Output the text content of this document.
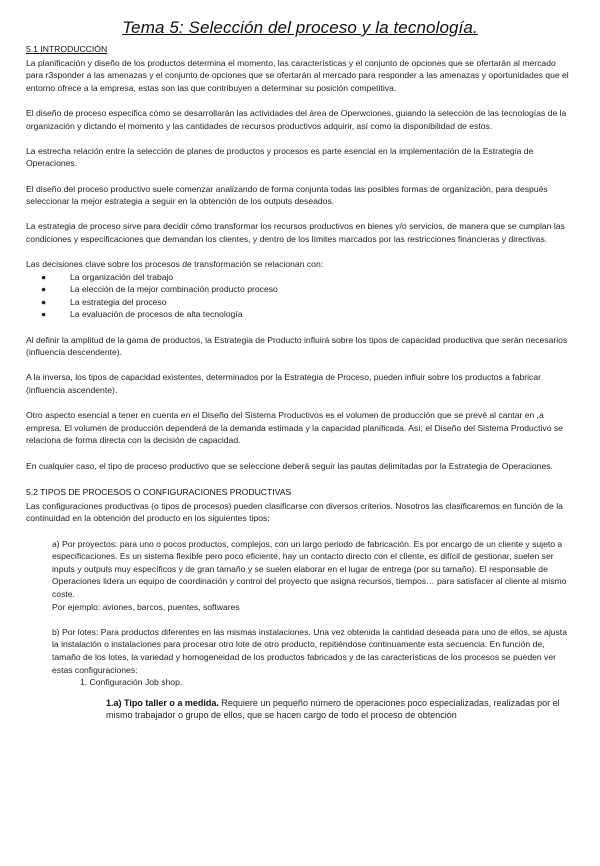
Tema 5: Selección del proceso y la tecnología.
5.1 INTRODUCCIÓN

La planificación y diseño de los productos determina el momento, las características y el conjunto de opciones que se ofertarán al mercado para r3sponder a las amenazas y el conjunto de opciones que se ofertarán al mercado para responder a las amenazas y oportunidades que el entorno ofrece a la empresa, estas son las que contribuyen a determinar su posición competitiva.

El diseño de proceso especifica cómo se desarrollarán las actividades del área de Operwciones, guiando la selección de las tecnologías de la organización y dictando el momento y las cantidades de recursos productivos adquirir, así como la disponibilidad de estos.

La estrecha relación entre la selección de planes de productos y procesos es parte esencial en la implementación de la Estrategia de Operaciones.

El diseño del proceso productivo suele comenzar analizando de forma conjunta todas las posibles formas de organización, para después seleccionar la mejor estrategia a seguir en la obtención de los outputs deseados.

La estrategia de proceso sirve para decidir cómo transformar los recursos productivos en bienes y/o servicios, de manera que se cumplan las condiciones y especificaciones que demandan los clientes, y dentro de los límites marcados por las restricciones financieras y directivas.

Las decisiones clave sobre los procesos de transformación se relacionan con:

●	La organización del trabajo
●	La elección de la mejor combinación producto proceso
●	La estrategia del proceso
●	La evaluación de procesos de alta tecnología

Al definir la amplitud de la gama de productos, la Estrategia de Producto influirá sobre los tipos de capacidad productiva que serán necesarios (influencia descendente).

A la inversa, los tipos de capacidad existentes, determinados por la Estrategia de Proceso, pueden influir sobre los productos a fabricar (influencia ascendente).

Otro aspecto esencial a tener en cuenta en el Diseño del Sistema Productivos es el volumen de producción que se prevé al cantar en ,a empresa. El volumen de producción dependerá de la demanda estimada y la capacidad planificada. Así, el Diseño del Sistema Productivo se relaciona de forma directa con la decisión de capacidad.

En cualquier caso, el tipo de proceso productivo que se seleccione deberá seguir las pautas delimitadas por la Estrategia de Operaciones.

5.2 TIPOS DE PROCESOS O CONFIGURACIONES PRODUCTIVAS

Las configuraciones productivas (o tipos de procesos) pueden clasificarse con diversos criterios. Nosotros las clasificaremos en función de la continuidad en la obtención del producto en los siguientes tipos:

a) Por proyectos: para uno o pocos productos, complejos, con un largo periodo de fabricación. Es por encargo de un cliente y sujeto a especificaciones. Es un sistema flexible pero poco eficiente, hay un contacto directo con el cliente, es difícil de gestionar, suelen ser inputs y outputs muy específicos y de gran tamaño y se suelen elaborar en el lugar de entrega (por su tamaño). El responsable de Operaciones lidera un equipo de coordinación y control del proyecto que asigna recursos, tiempos… para satisfacer al cliente al mismo coste.

Por ejemplo: aviones, barcos, puentes, softwares

b) Por lotes: Para productos diferentes en las mismas instalaciones. Una vez obtenida la cantidad deseada para uno de ellos, se ajusta la instalación o instalaciones para procesar otro lote de otro producto, repitiéndose continuamente esta secuencia. En función de, tamaño de los lotes, la variedad y homogeneidad de los productos fabricados y de las características de los procesos se pueden ver estas configuraciones:

1. Configuración Job shop.

1.a) Tipo taller o a medida. Requiere un pequeño número de operaciones poco especializadas, realizadas por el mismo trabajador o grupo de ellos, que se hacen cargo de todo el proceso de obtención
